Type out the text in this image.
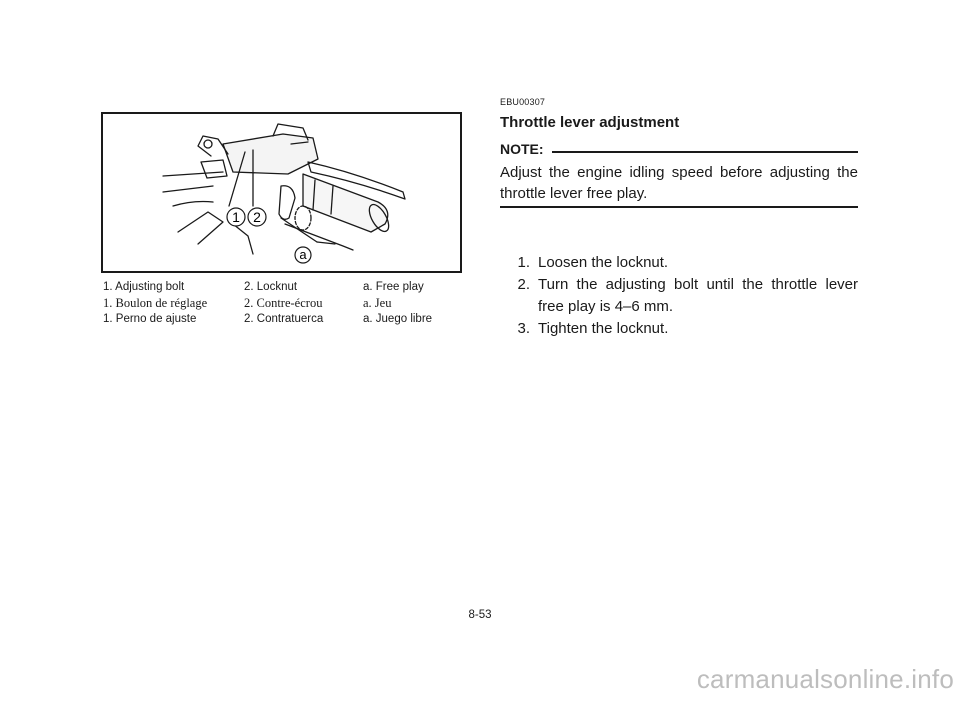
1 2
a
1. Adjusting bolt	2. Locknut	a. Free play
1. Boulon de réglage	2. Contre-écrou	a. Jeu
1. Perno de ajuste	2. Contratuerca	a. Juego libre
EBU00307
Throttle lever adjustment
NOTE:
Adjust the engine idling speed before adjusting the throttle lever free play.
1. Loosen the locknut.
2. Turn the adjusting bolt until the throttle lever free play is 4–6 mm.
3. Tighten the locknut.
8-53
carmanualsonline.info
